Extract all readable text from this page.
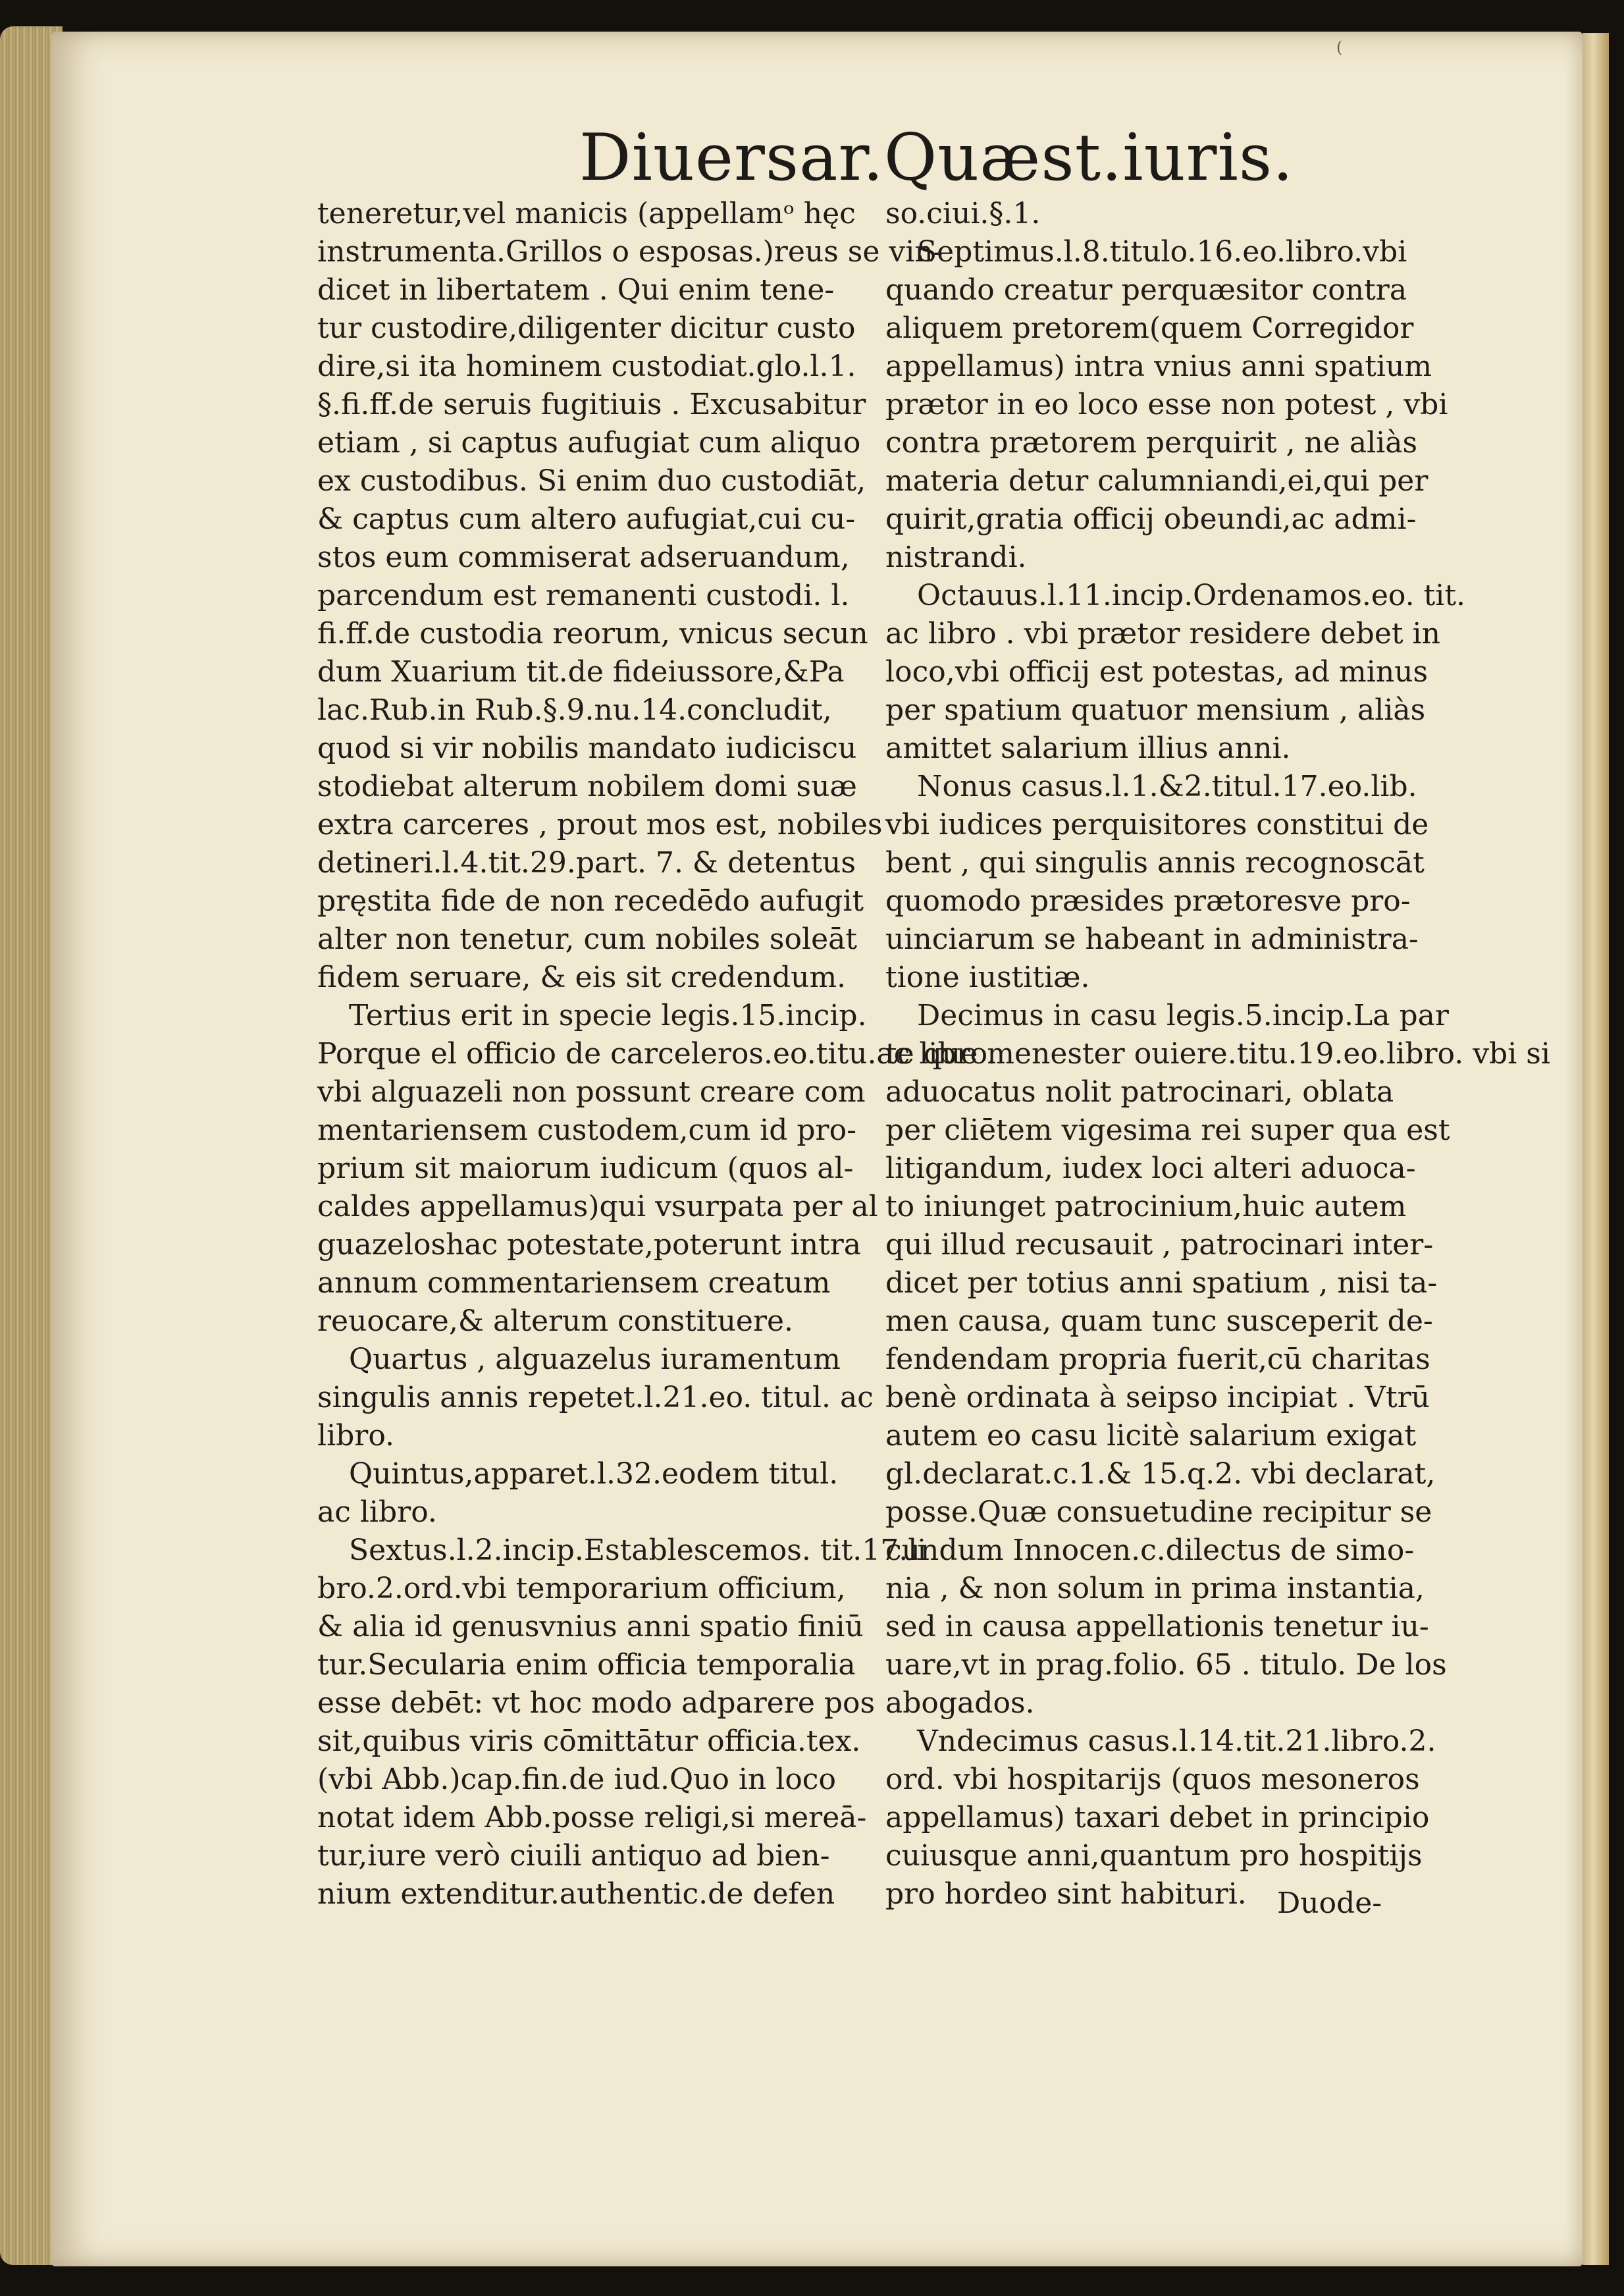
(
Diuersar.Quæst.iuris.
teneretur,vel manicis (appellamᵒ hęc
instrumenta.Grillos o esposas.)reus se vin-
dicet in libertatem . Qui enim tene-
tur custodire,diligenter dicitur custo
dire,si ita hominem custodiat.glo.l.1.
§.fi.ff.de seruis fugitiuis . Excusabitur
etiam , si captus aufugiat cum aliquo
ex custodibus. Si enim duo custodiāt,
& captus cum altero aufugiat,cui cu-
stos eum commiserat adseruandum,
parcendum est remanenti custodi. l.
fi.ff.de custodia reorum, vnicus secun
dum Xuarium tit.de fideiussore,&Pa
lac.Rub.in Rub.§.9.nu.14.concludit,
quod si vir nobilis mandato iudiciscu
stodiebat alterum nobilem domi suæ
extra carceres , prout mos est, nobiles
detineri.l.4.tit.29.part. 7. & detentus
pręstita fide de non recedēdo aufugit
alter non tenetur, cum nobiles soleāt
fidem seruare, & eis sit credendum.
Tertius erit in specie legis.15.incip.
Porque el officio de carceleros.eo.titu.ac libro.
vbi alguazeli non possunt creare com
mentariensem custodem,cum id pro-
prium sit maiorum iudicum (quos al-
caldes appellamus)qui vsurpata per al
guazeloshac potestate,poterunt intra
annum commentariensem creatum
reuocare,& alterum constituere.
Quartus , alguazelus iuramentum
singulis annis repetet.l.21.eo. titul. ac
libro.
Quintus,apparet.l.32.eodem titul.
ac libro.
Sextus.l.2.incip.Establescemos. tit.17.li
bro.2.ord.vbi temporarium officium,
& alia id genusvnius anni spatio finiū
tur.Secularia enim officia temporalia
esse debēt: vt hoc modo adparere pos
sit,quibus viris cōmittātur officia.tex.
(vbi Abb.)cap.fin.de iud.Quo in loco
notat idem Abb.posse religi,si mereā-
tur,iure verò ciuili antiquo ad bien-
nium extenditur.authentic.de defen
so.ciui.§.1.
Septimus.l.8.titulo.16.eo.libro.vbi
quando creatur perquæsitor contra
aliquem pretorem(quem Corregidor
appellamus) intra vnius anni spatium
prætor in eo loco esse non potest , vbi
contra prætorem perquirit , ne aliàs
materia detur calumniandi,ei,qui per
quirit,gratia officij obeundi,ac admi-
nistrandi.
Octauus.l.11.incip.Ordenamos.eo. tit.
ac libro . vbi prætor residere debet in
loco,vbi officij est potestas, ad minus
per spatium quatuor mensium , aliàs
amittet salarium illius anni.
Nonus casus.l.1.&2.titul.17.eo.lib.
vbi iudices perquisitores constitui de
bent , qui singulis annis recognoscāt
quomodo præsides prætoresve pro-
uinciarum se habeant in administra-
tione iustitiæ.
Decimus in casu legis.5.incip.La par
te que menester ouiere.titu.19.eo.libro. vbi si
aduocatus nolit patrocinari, oblata
per cliētem vigesima rei super qua est
litigandum, iudex loci alteri aduoca-
to iniunget patrocinium,huic autem
qui illud recusauit , patrocinari inter-
dicet per totius anni spatium , nisi ta-
men causa, quam tunc susceperit de-
fendendam propria fuerit,cū charitas
benè ordinata à seipso incipiat . Vtrū
autem eo casu licitè salarium exigat
gl.declarat.c.1.& 15.q.2. vbi declarat,
posse.Quæ consuetudine recipitur se
cundum Innocen.c.dilectus de simo-
nia , & non solum in prima instantia,
sed in causa appellationis tenetur iu-
uare,vt in prag.folio. 65 . titulo. De los
abogados.
Vndecimus casus.l.14.tit.21.libro.2.
ord. vbi hospitarijs (quos mesoneros
appellamus) taxari debet in principio
cuiusque anni,quantum pro hospitijs
pro hordeo sint habituri.	Duode-
